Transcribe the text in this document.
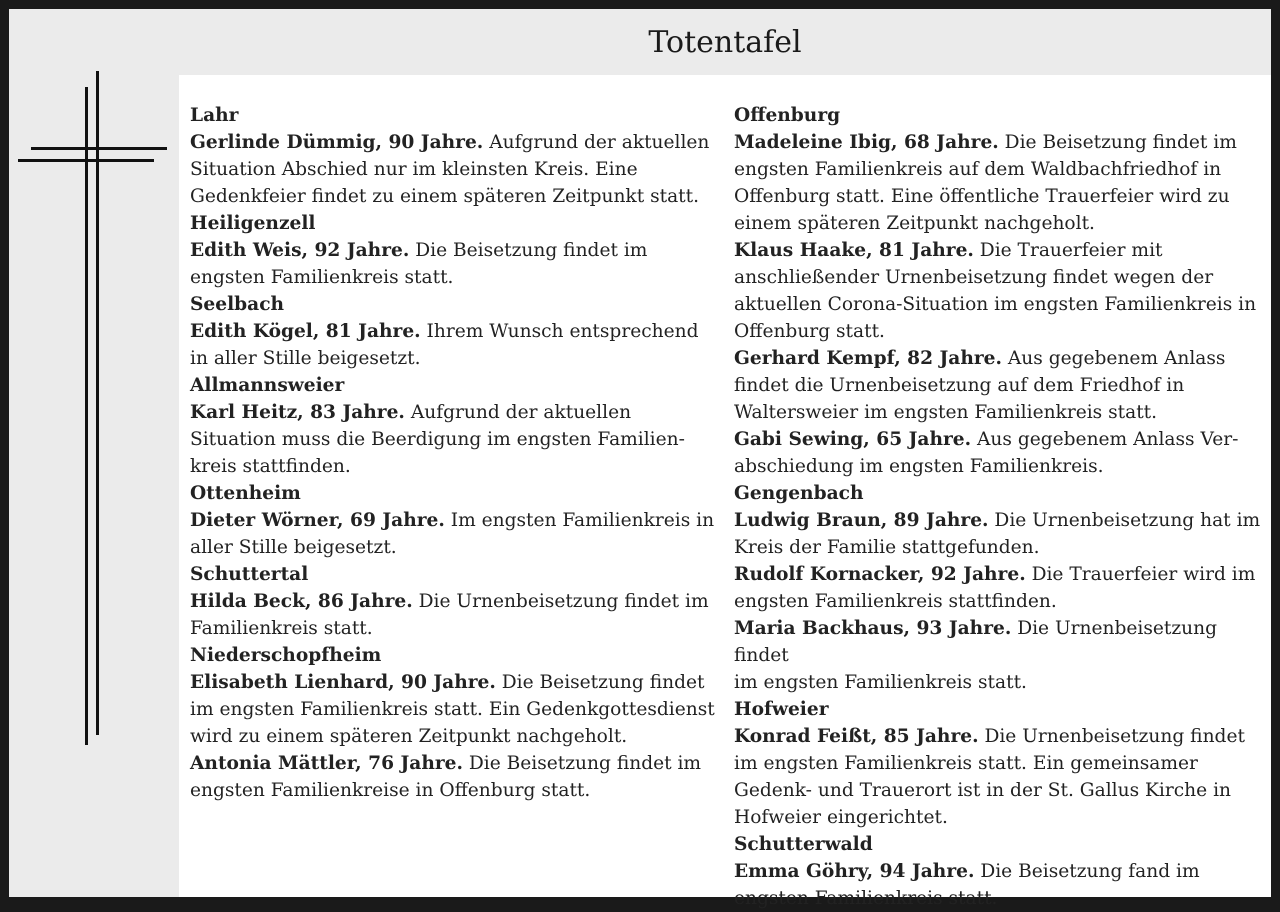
Totentafel
Lahr
Gerlinde Dümmig, 90 Jahre. Aufgrund der aktuellen
Situation Abschied nur im kleinsten Kreis. Eine
Gedenkfeier findet zu einem späteren Zeitpunkt statt.
Heiligenzell
Edith Weis, 92 Jahre. Die Beisetzung findet im
engsten Familienkreis statt.
Seelbach
Edith Kögel, 81 Jahre. Ihrem Wunsch entsprechend
in aller Stille beigesetzt.
Allmannsweier
Karl Heitz, 83 Jahre. Aufgrund der aktuellen
Situation muss die Beerdigung im engsten Familien-
kreis stattfinden.
Ottenheim
Dieter Wörner, 69 Jahre. Im engsten Familienkreis in
aller Stille beigesetzt.
Schuttertal
Hilda Beck, 86 Jahre. Die Urnenbeisetzung findet im
Familienkreis statt.
Niederschopfheim
Elisabeth Lienhard, 90 Jahre. Die Beisetzung findet
im engsten Familienkreis statt. Ein Gedenkgottesdienst
wird zu einem späteren Zeitpunkt nachgeholt.
Antonia Mättler, 76 Jahre. Die Beisetzung findet im
engsten Familienkreise in Offenburg statt.
Offenburg
Madeleine Ibig, 68 Jahre. Die Beisetzung findet im
engsten Familienkreis auf dem Waldbachfriedhof in
Offenburg statt. Eine öffentliche Trauerfeier wird zu
einem späteren Zeitpunkt nachgeholt.
Klaus Haake, 81 Jahre. Die Trauerfeier mit
anschließender Urnenbeisetzung findet wegen der
aktuellen Corona-Situation im engsten Familienkreis in
Offenburg statt.
Gerhard Kempf, 82 Jahre. Aus gegebenem Anlass
findet die Urnenbeisetzung auf dem Friedhof in
Waltersweier im engsten Familienkreis statt.
Gabi Sewing, 65 Jahre. Aus gegebenem Anlass Ver-
abschiedung im engsten Familienkreis.
Gengenbach
Ludwig Braun, 89 Jahre. Die Urnenbeisetzung hat im
Kreis der Familie stattgefunden.
Rudolf Kornacker, 92 Jahre. Die Trauerfeier wird im
engsten Familienkreis stattfinden.
Maria Backhaus, 93 Jahre. Die Urnenbeisetzung findet
im engsten Familienkreis statt.
Hofweier
Konrad Feißt, 85 Jahre. Die Urnenbeisetzung findet
im engsten Familienkreis statt. Ein gemeinsamer
Gedenk- und Trauerort ist in der St. Gallus Kirche in
Hofweier eingerichtet.
Schutterwald
Emma Göhry, 94 Jahre. Die Beisetzung fand im
engsten Familienkreis statt.
